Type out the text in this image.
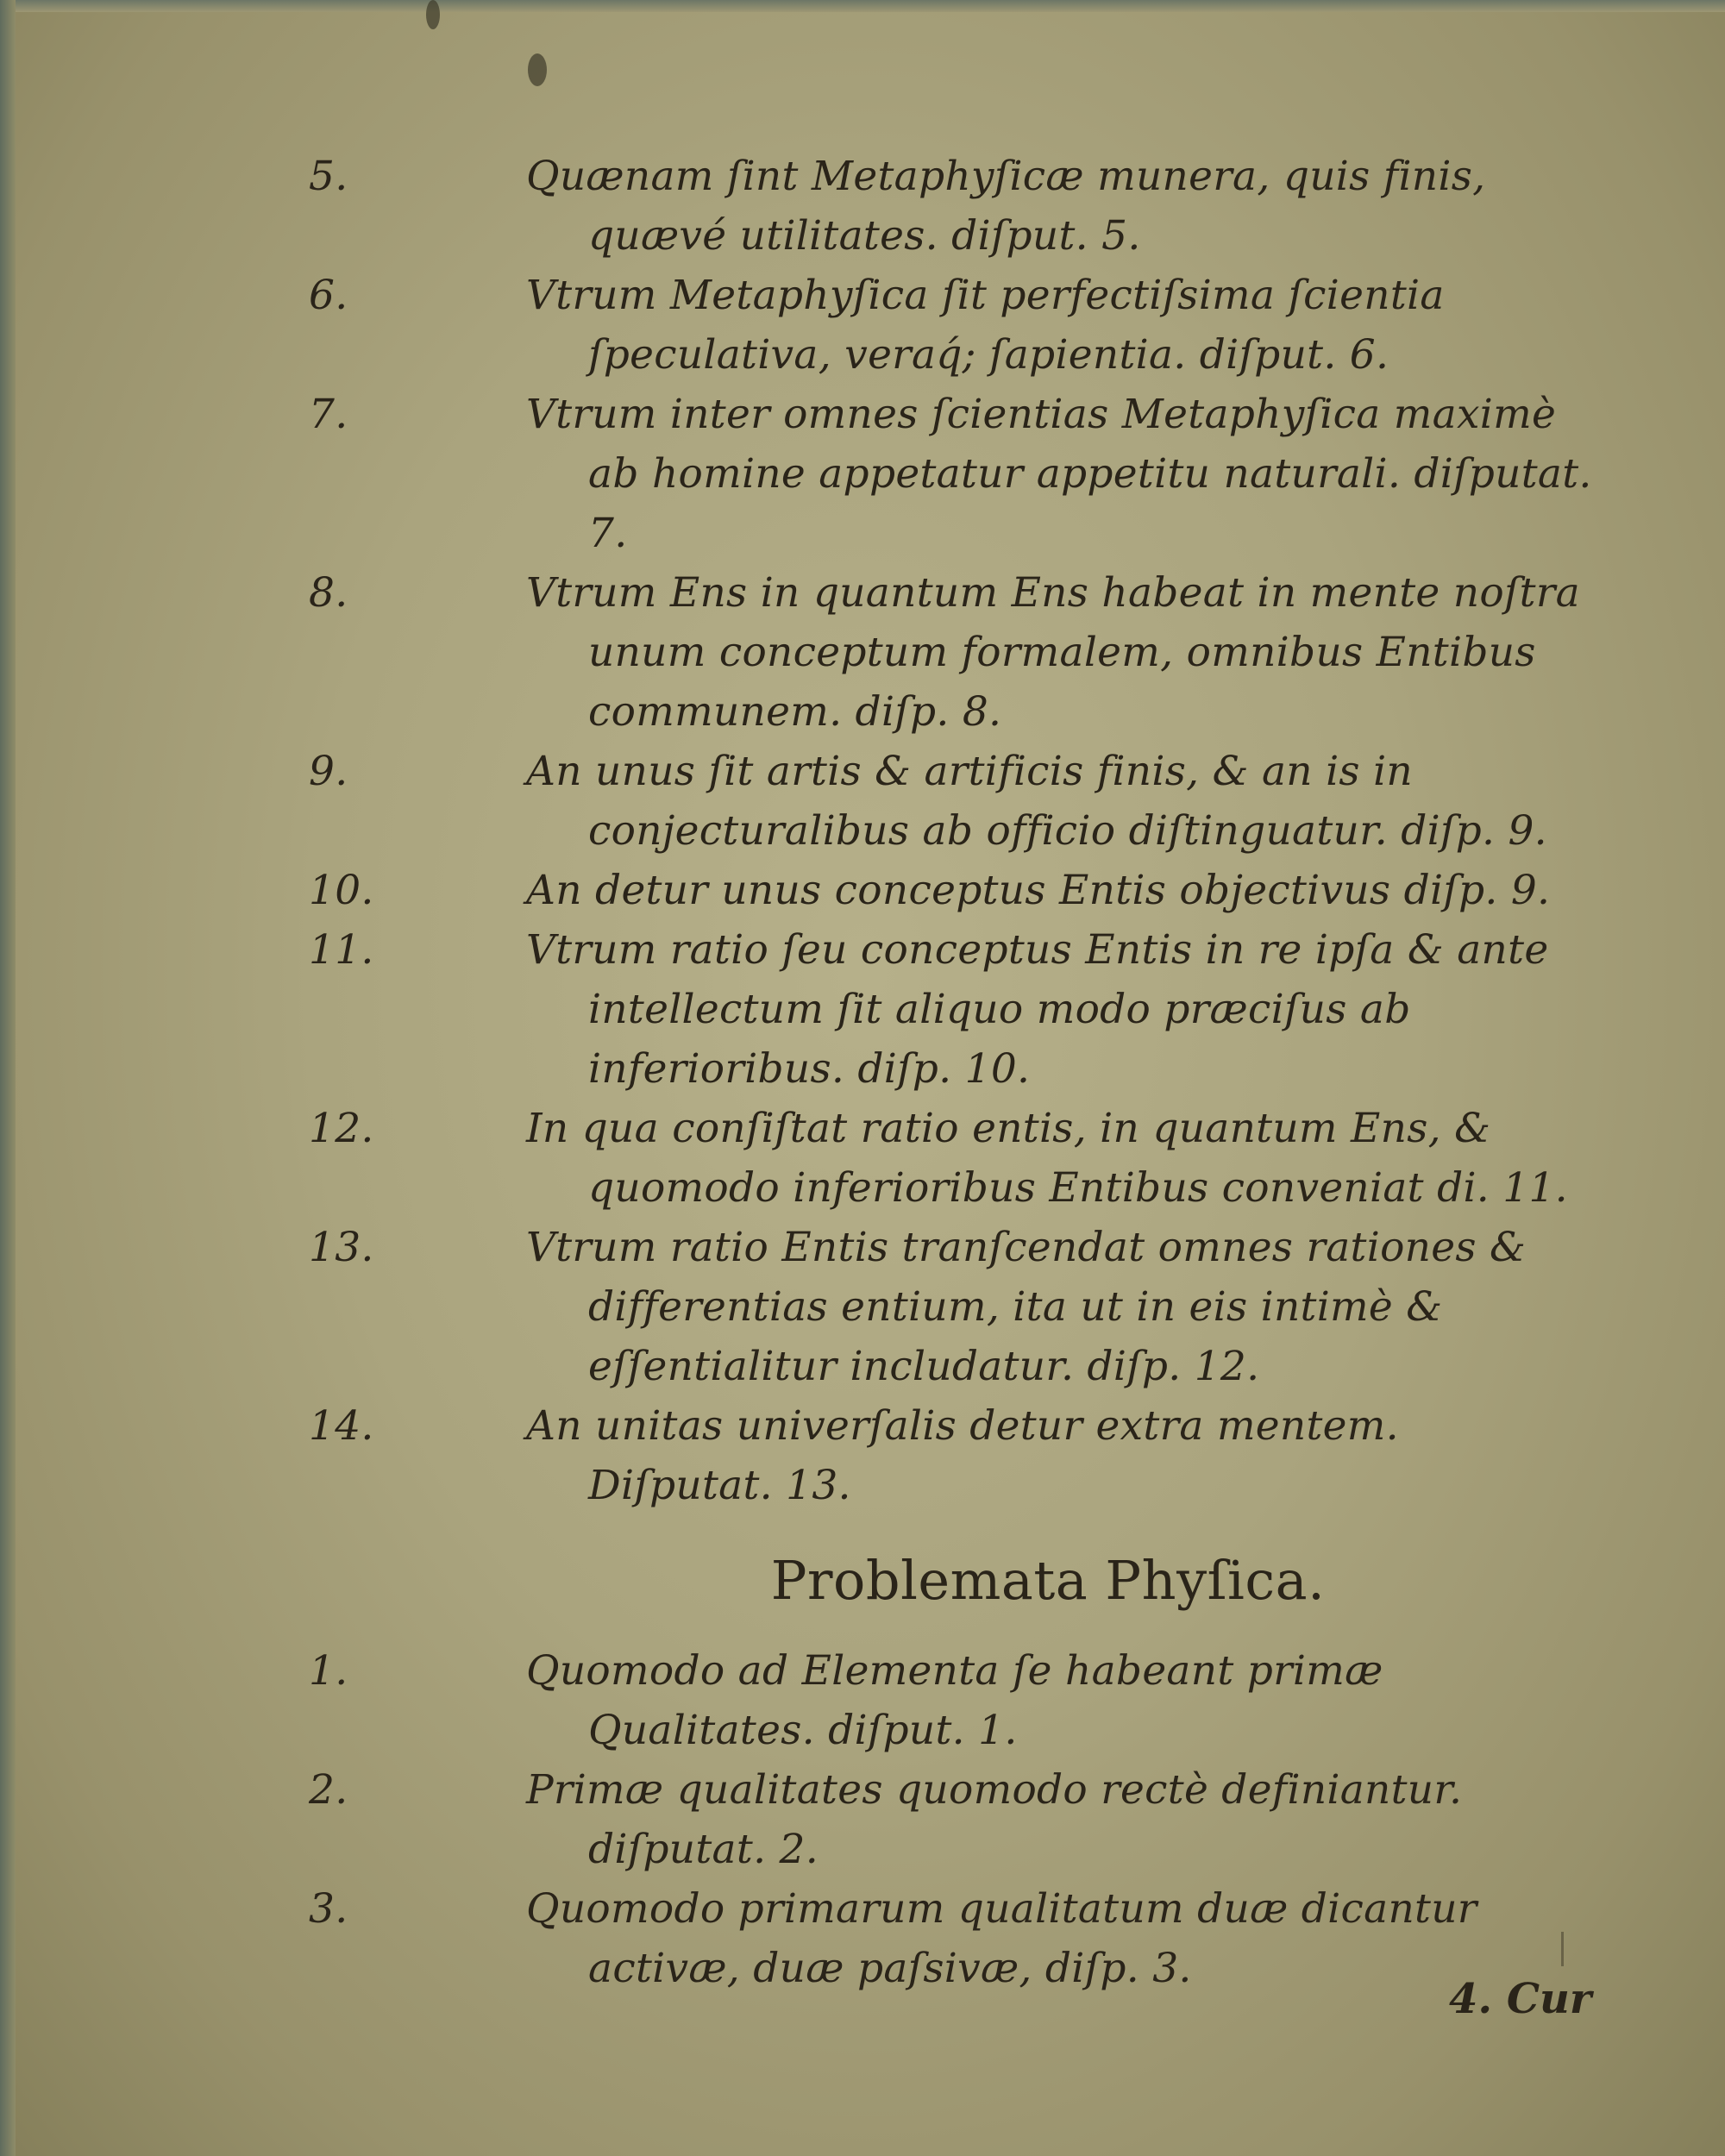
5.	Quænam ſint Metaphyſicæ munera, quis finis, quævé utilitates. diſput. 5.
6.	Vtrum Metaphyſica ſit perfectiſsima ſcientia ſpeculativa, veraq́; ſapientia. diſput. 6.
7.	Vtrum inter omnes ſcientias Metaphyſica maximè ab homine appetatur appetitu naturali. diſputat. 7.
8.	Vtrum Ens in quantum Ens habeat in mente noſtra unum conceptum formalem, omnibus Entibus communem. diſp. 8.
9.	An unus ſit artis & artificis finis, & an is in conjecturalibus ab officio diſtinguatur. diſp. 9.
10.	An detur unus conceptus Entis objectivus diſp. 9.
11.	Vtrum ratio ſeu conceptus Entis in re ipſa & ante intellectum ſit aliquo modo præciſus ab inferioribus. diſp. 10.
12.	In qua conſiſtat ratio entis, in quantum Ens, & quomodo inferioribus Entibus conveniat di. 11.
13.	Vtrum ratio Entis tranſcendat omnes rationes & differentias entium, ita ut in eis intimè & eſſentialitur includatur. diſp. 12.
14.	An unitas univerſalis detur extra mentem. Diſputat. 13.
Problemata Phyſica.
1.	Quomodo ad Elementa ſe habeant primæ Qualitates. diſput. 1.
2.	Primæ qualitates quomodo rectè definiantur. diſputat. 2.
3.	Quomodo primarum qualitatum duæ dicantur activæ, duæ paſsivæ, diſp. 3.
4. Cur
